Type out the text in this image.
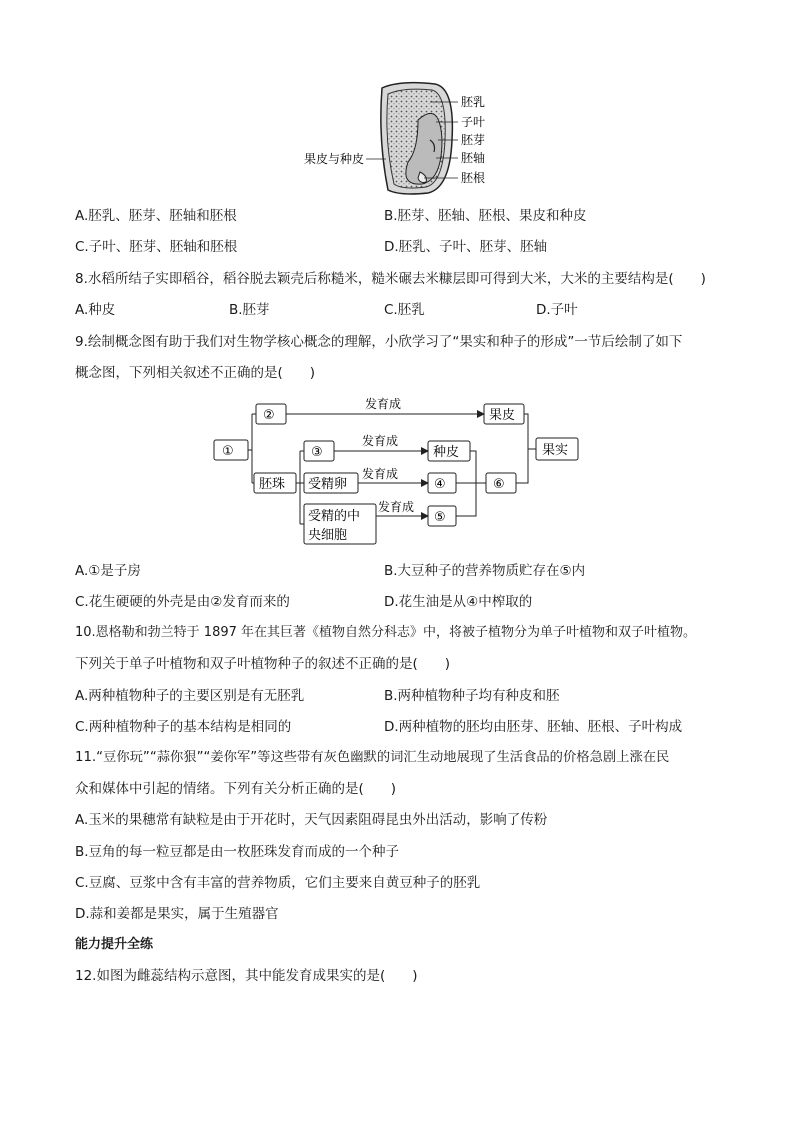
胚乳
子叶
胚芽
胚轴
胚根
果皮与种皮
A.胚乳、胚芽、胚轴和胚根	B.胚芽、胚轴、胚根、果皮和种皮
C.子叶、胚芽、胚轴和胚根	D.胚乳、子叶、胚芽、胚轴
8.水稻所结子实即稻谷，稻谷脱去颖壳后称糙米，糙米碾去米糠层即可得到大米，大米的主要结构是(　　)
A.种皮	B.胚芽	C.胚乳	D.子叶
9.绘制概念图有助于我们对生物学核心概念的理解，小欣学习了“果实和种子的形成”一节后绘制了如下
概念图，下列相关叙述不正确的是(　　)
①
②	果皮
③	种皮	果实
胚珠 受精卵	④	⑥
受精的中
央细胞
⑤
发育成
发育成
发育成
发育成
A.①是子房	B.大豆种子的营养物质贮存在⑤内
C.花生硬硬的外壳是由②发育而来的	D.花生油是从④中榨取的
10.恩格勒和勃兰特于 1897 年在其巨著《植物自然分科志》中，将被子植物分为单子叶植物和双子叶植物。
下列关于单子叶植物和双子叶植物种子的叙述不正确的是(　　)
A.两种植物种子的主要区别是有无胚乳	B.两种植物种子均有种皮和胚
C.两种植物种子的基本结构是相同的	D.两种植物的胚均由胚芽、胚轴、胚根、子叶构成
11.“豆你玩”“蒜你狠”“姜你军”等这些带有灰色幽默的词汇生动地展现了生活食品的价格急剧上涨在民
众和媒体中引起的情绪。下列有关分析正确的是(　　)
A.玉米的果穗常有缺粒是由于开花时，天气因素阻碍昆虫外出活动，影响了传粉
B.豆角的每一粒豆都是由一枚胚珠发育而成的一个种子
C.豆腐、豆浆中含有丰富的营养物质，它们主要来自黄豆种子的胚乳
D.蒜和姜都是果实，属于生殖器官
能力提升全练
12.如图为雌蕊结构示意图，其中能发育成果实的是(　　)
